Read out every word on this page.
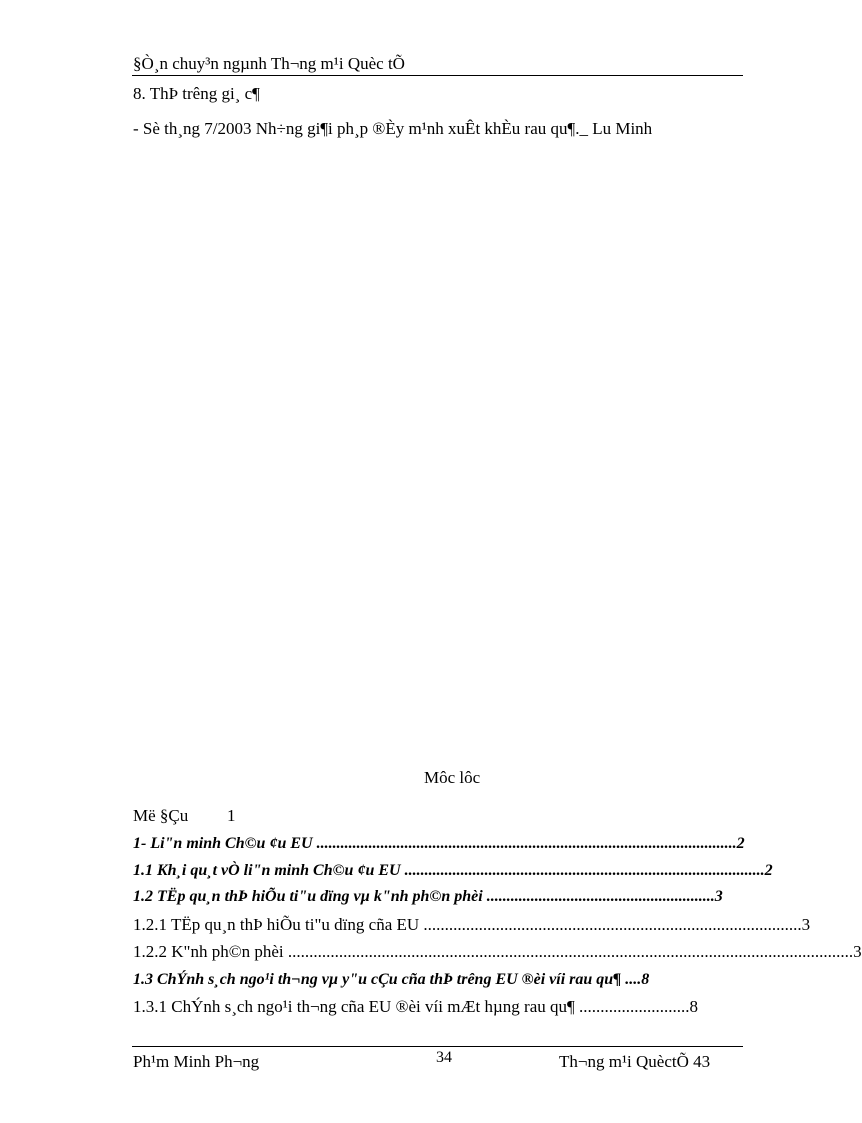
§Ò¸n chuy³n ngµnh Th¬ng m¹i Quèc tÕ
8. ThÞ trêng gi¸ c¶
- Sè th¸ng 7/2003 Nh÷ng gi¶i ph¸p ®Èy m¹nh xuÊt khÈu rau qu¶._ Lu Minh
Môc lôc
Më §Çu 1
1- Li"n minh Ch©u ¢u EU .........................................................................................................2
1.1 Kh¸i qu¸t vÒ li"n minh Ch©u ¢u EU ..........................................................................................2
1.2 TËp qu¸n thÞ hiÕu ti"u dïng vµ k"nh ph©n phèi .........................................................3
1.2.1 TËp qu¸n thÞ hiÕu ti"u dïng cña EU .........................................................................................3
1.2.2 K"nh ph©n phèi .....................................................................................................................................3
1.3 ChÝnh s¸ch ngo¹i th¬ng vµ y"u cÇu cña thÞ trêng EU ®èi víi rau qu¶ ....8
1.3.1 ChÝnh s¸ch ngo¹i th¬ng cña EU ®èi víi mÆt hµng rau qu¶ ..........................8
Ph¹m Minh Ph¬ng	34	Th¬ng m¹i QuèctÕ 43
